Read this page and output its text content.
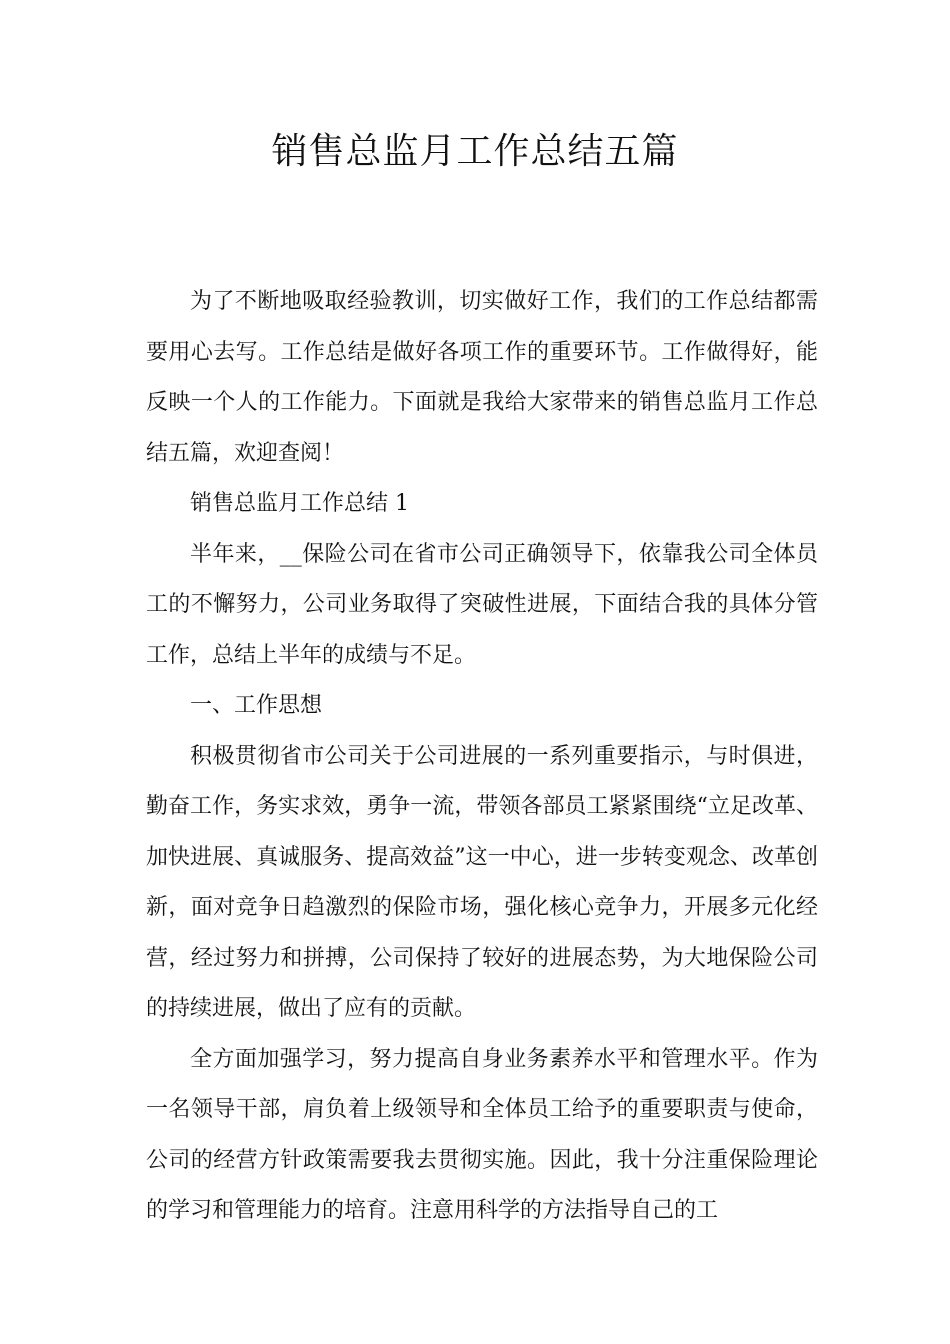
销售总监月工作总结五篇

为了不断地吸取经验教训，切实做好工作，我们的工作总结都需要用心去写。工作总结是做好各项工作的重要环节。工作做得好，能反映一个人的工作能力。下面就是我给大家带来的销售总监月工作总结五篇，欢迎查阅！

销售总监月工作总结 1

半年来，__保险公司在省市公司正确领导下，依靠我公司全体员工的不懈努力，公司业务取得了突破性进展，下面结合我的具体分管工作，总结上半年的成绩与不足。

一、工作思想

积极贯彻省市公司关于公司进展的一系列重要指示，与时俱进，勤奋工作，务实求效，勇争一流，带领各部员工紧紧围绕“立足改革、加快进展、真诚服务、提高效益”这一中心，进一步转变观念、改革创新，面对竞争日趋激烈的保险市场，强化核心竞争力，开展多元化经营，经过努力和拼搏，公司保持了较好的进展态势，为大地保险公司的持续进展，做出了应有的贡献。

全方面加强学习，努力提高自身业务素养水平和管理水平。作为一名领导干部，肩负着上级领导和全体员工给予的重要职责与使命，公司的经营方针政策需要我去贯彻实施。因此，我十分注重保险理论的学习和管理能力的培育。注意用科学的方法指导自己的工
